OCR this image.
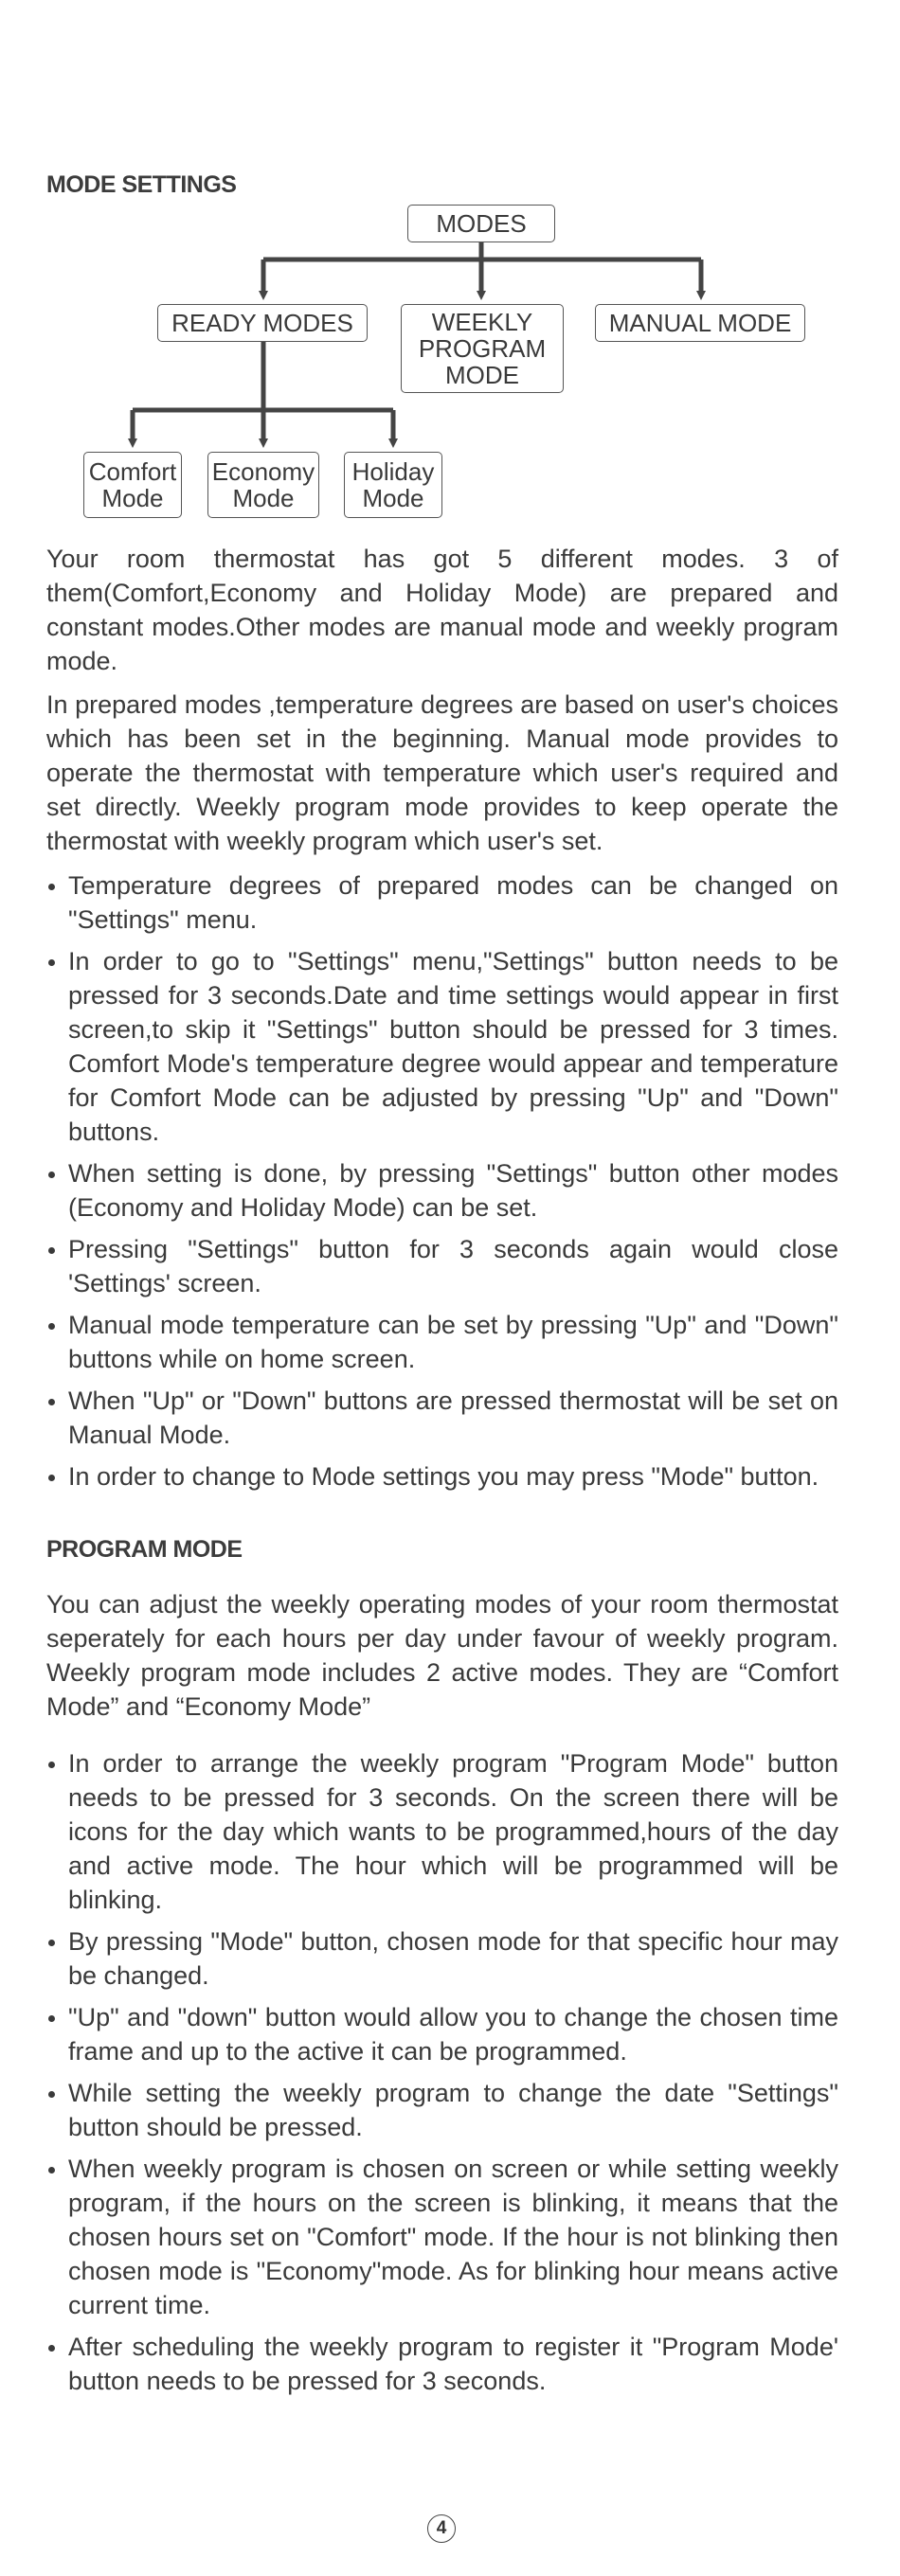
MODE SETTINGS
MODES
READY MODES	WEEKLY
PROGRAM
MODE
MANUAL MODE
Comfort
Mode
Economy
Mode
Holiday
Mode

Your room thermostat has got 5 different modes. 3 of them(Comfort,Economy and Holiday Mode) are prepared and constant modes.Other modes are manual mode and weekly program mode.

In prepared modes ,temperature degrees are based on user's choices which has been set in the beginning. Manual mode provides to operate the thermostat with temperature which user's required and set directly. Weekly program mode provides to keep operate the thermostat with weekly program which user's set.

Temperature degrees of prepared modes can be changed on "Settings" menu.
In order to go to "Settings" menu,"Settings" button needs to be pressed for 3 seconds.Date and time settings would appear in first screen,to skip it "Settings" button should be pressed for 3 times. Comfort Mode's temperature degree would appear and temperature for Comfort Mode can be adjusted by pressing "Up" and "Down" buttons.
When setting is done, by pressing "Settings" button other modes (Economy and Holiday Mode) can be set.
Pressing "Settings" button for 3 seconds again would close 'Settings' screen.
Manual mode temperature can be set by pressing "Up" and "Down" buttons while on home screen.
When "Up" or "Down" buttons are pressed thermostat will be set on Manual Mode.
In order to change to Mode settings you may press "Mode" button.
PROGRAM MODE

You can adjust the weekly operating modes of your room thermostat seperately for each hours per day under favour of weekly program. Weekly program mode includes 2 active modes. They are “Comfort Mode” and “Economy Mode”

In order to arrange the weekly program "Program Mode" button needs to be pressed for 3 seconds. On the screen there will be icons for the day which wants to be programmed,hours of the day and active mode. The hour which will be programmed will be blinking.
By pressing "Mode" button, chosen mode for that specific hour may be changed.
"Up" and "down" button would allow you to change the chosen time frame and up to the active it can be programmed.
While setting the weekly program to change the date "Settings" button should be pressed.
When weekly program is chosen on screen or while setting weekly program, if the hours on the screen is blinking, it means that the chosen hours set on "Comfort" mode. If the hour is not blinking then chosen mode is "Economy"mode. As for blinking hour means active current time.
After scheduling the weekly program to register it "Program Mode' button needs to be pressed for 3 seconds.
4
